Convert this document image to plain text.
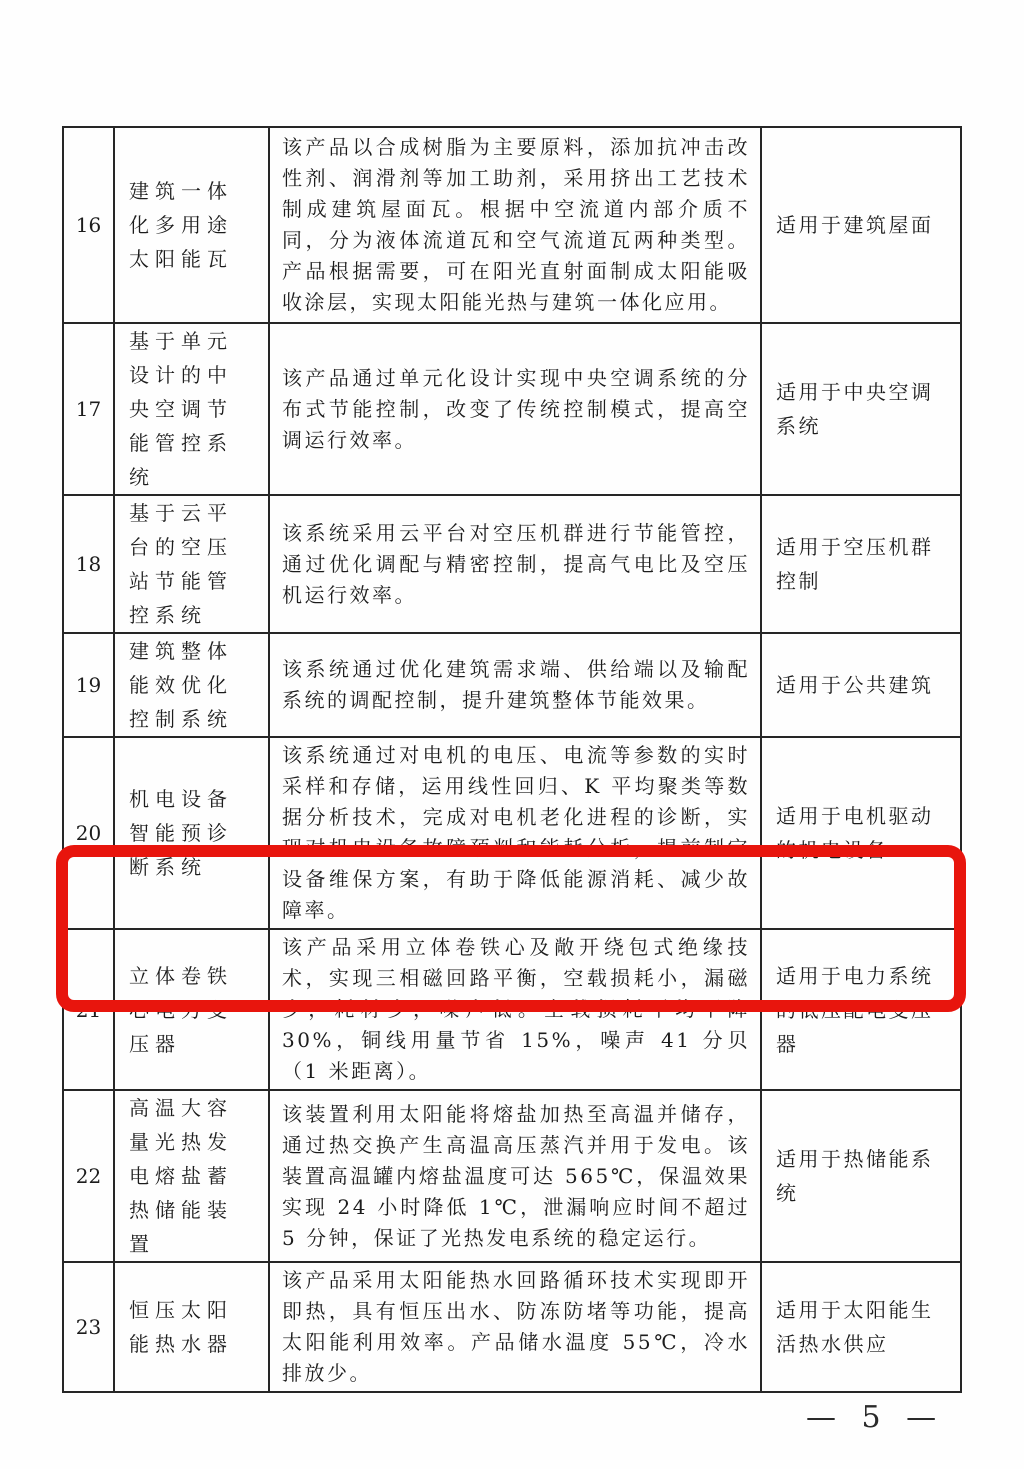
16	建筑一体化多用途太阳能瓦	该产品以合成树脂为主要原料，添加抗冲击改性剂、润滑剂等加工助剂，采用挤出工艺技术制成建筑屋面瓦。根据中空流道内部介质不同，分为液体流道瓦和空气流道瓦两种类型。产品根据需要，可在阳光直射面制成太阳能吸收涂层，实现太阳能光热与建筑一体化应用。	适用于建筑屋面
17	基于单元设计的中央空调节能管控系统	该产品通过单元化设计实现中央空调系统的分布式节能控制，改变了传统控制模式，提高空调运行效率。	适用于中央空调系统
18	基于云平台的空压站节能管控系统	该系统采用云平台对空压机群进行节能管控，通过优化调配与精密控制，提高气电比及空压机运行效率。	适用于空压机群控制
19	建筑整体能效优化控制系统	该系统通过优化建筑需求端、供给端以及输配系统的调配控制，提升建筑整体节能效果。	适用于公共建筑
20	机电设备智能预诊断系统	该系统通过对电机的电压、电流等参数的实时采样和存储，运用线性回归、K 平均聚类等数据分析技术，完成对电机老化进程的诊断，实现对机电设备故障预判和能耗分析，提前制定设备维保方案，有助于降低能源消耗、减少故障率。	适用于电机驱动的机电设备
21	立体卷铁心电力变压器	该产品采用立体卷铁心及敞开绕包式绝缘技术，实现三相磁回路平衡，空载损耗小，漏磁少，耗材少，噪声低。空载损耗平均下降 30%，铜线用量节省 15%，噪声 41 分贝（1 米距离）。	适用于电力系统的低压配电变压器
22	高温大容量光热发电熔盐蓄热储能装置	该装置利用太阳能将熔盐加热至高温并储存，通过热交换产生高温高压蒸汽并用于发电。该装置高温罐内熔盐温度可达 565℃，保温效果实现 24 小时降低 1℃，泄漏响应时间不超过 5 分钟，保证了光热发电系统的稳定运行。	适用于热储能系统
23	恒压太阳能热水器	该产品采用太阳能热水回路循环技术实现即开即热，具有恒压出水、防冻防堵等功能，提高太阳能利用效率。产品储水温度 55℃，冷水排放少。	适用于太阳能生活热水供应
— 5 —
